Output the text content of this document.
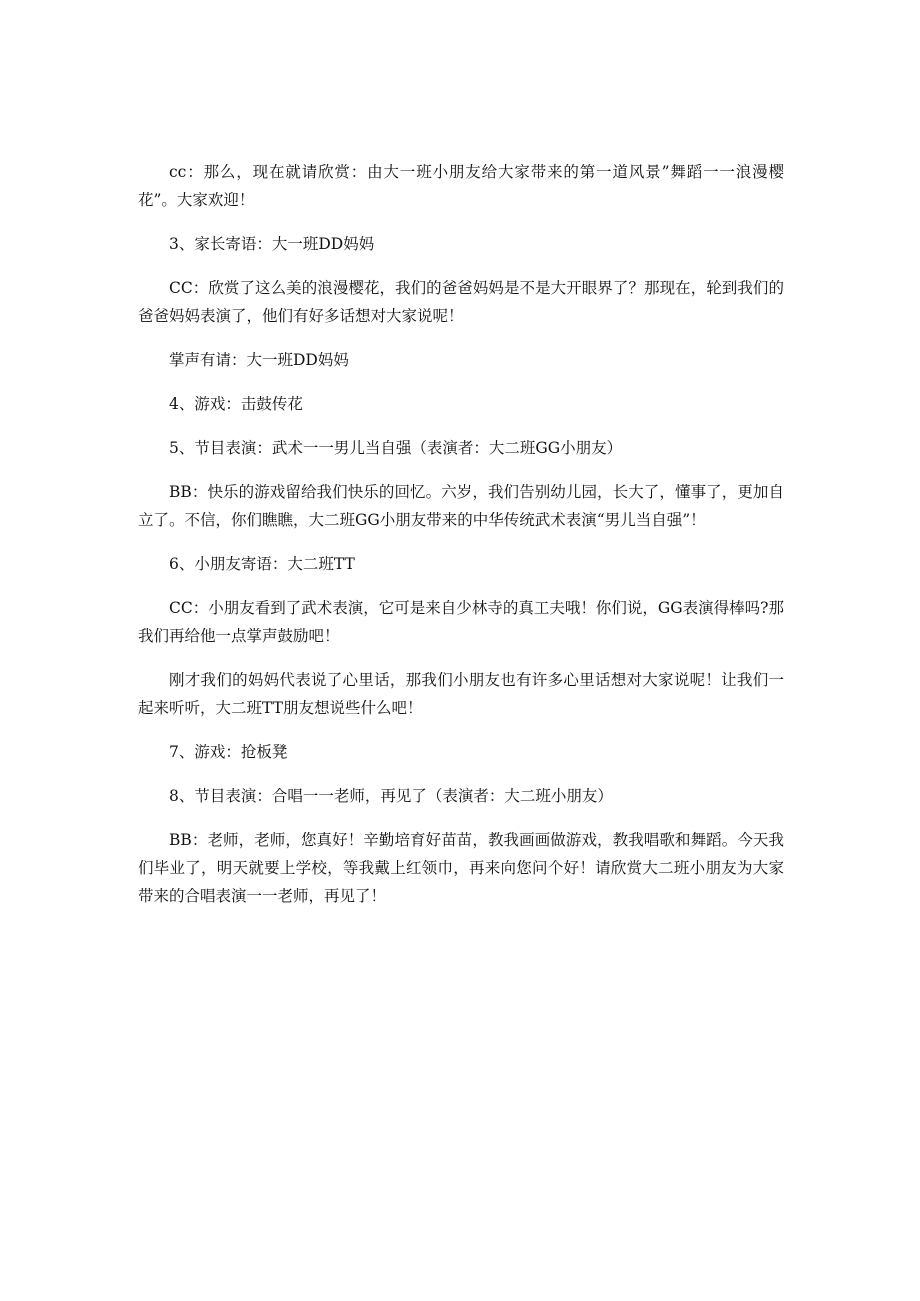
cc：那么，现在就请欣赏：由大一班小朋友给大家带来的第一道风景”舞蹈一一浪漫樱花”。大家欢迎！

3、家长寄语：大一班DD妈妈

CC：欣赏了这么美的浪漫樱花，我们的爸爸妈妈是不是大开眼界了？那现在，轮到我们的爸爸妈妈表演了，他们有好多话想对大家说呢！

掌声有请：大一班DD妈妈

4、游戏：击鼓传花

5、节目表演：武术一一男儿当自强（表演者：大二班GG小朋友）

BB：快乐的游戏留给我们快乐的回忆。六岁，我们告别幼儿园，长大了，懂事了，更加自立了。不信，你们瞧瞧，大二班GG小朋友带来的中华传统武术表演“男儿当自强”！

6、小朋友寄语：大二班TT

CC：小朋友看到了武术表演，它可是来自少林寺的真工夫哦！你们说，GG表演得棒吗?那我们再给他一点掌声鼓励吧！

刚才我们的妈妈代表说了心里话，那我们小朋友也有许多心里话想对大家说呢！让我们一起来听听，大二班TT朋友想说些什么吧！

7、游戏：抢板凳

8、节目表演：合唱一一老师，再见了（表演者：大二班小朋友）

BB：老师，老师，您真好！辛勤培育好苗苗，教我画画做游戏，教我唱歌和舞蹈。今天我们毕业了，明天就要上学校，等我戴上红领巾，再来向您问个好！请欣赏大二班小朋友为大家带来的合唱表演一一老师，再见了！
